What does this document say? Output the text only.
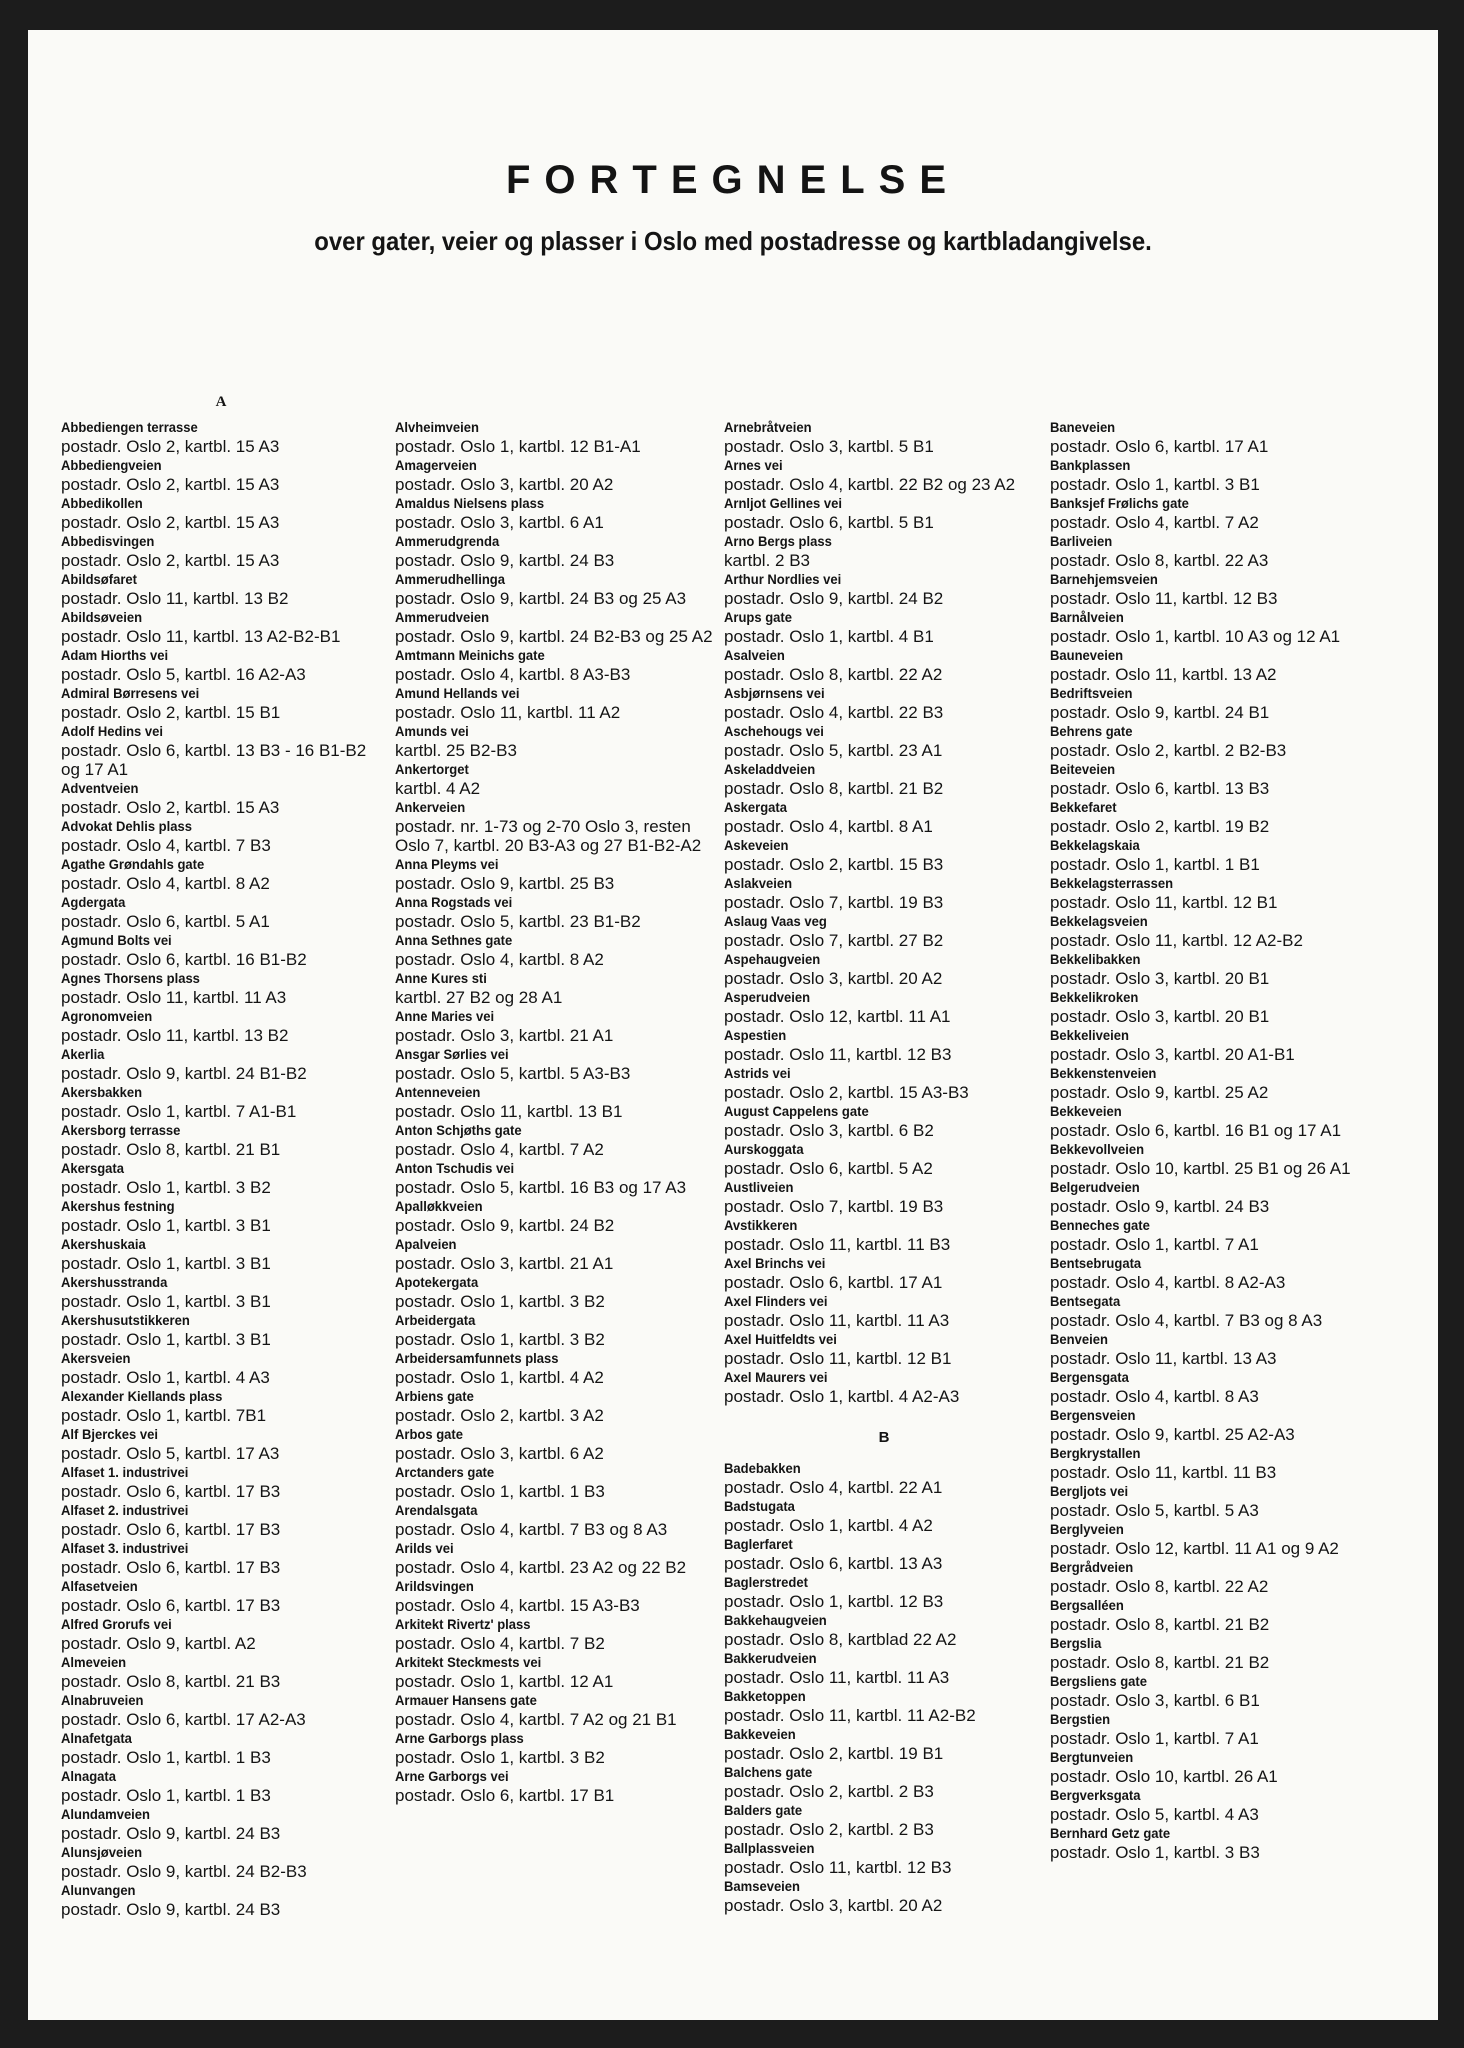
FORTEGNELSE
over gater, veier og plasser i Oslo med postadresse og kartbladangivelse.
A
Abbediengen terrasse
postadr. Oslo 2, kartbl. 15 A3
Abbediengveien
postadr. Oslo 2, kartbl. 15 A3
Abbedikollen
postadr. Oslo 2, kartbl. 15 A3
Abbedisvingen
postadr. Oslo 2, kartbl. 15 A3
Abildsøfaret
postadr. Oslo 11, kartbl. 13 B2
Abildsøveien
postadr. Oslo 11, kartbl. 13 A2-B2-B1
Adam Hiorths vei
postadr. Oslo 5, kartbl. 16 A2-A3
Admiral Børresens vei
postadr. Oslo 2, kartbl. 15 B1
Adolf Hedins vei
postadr. Oslo 6, kartbl. 13 B3 - 16 B1-B2 og 17 A1
Adventveien
postadr. Oslo 2, kartbl. 15 A3
Advokat Dehlis plass
postadr. Oslo 4, kartbl. 7 B3
Agathe Grøndahls gate
postadr. Oslo 4, kartbl. 8 A2
Agdergata
postadr. Oslo 6, kartbl. 5 A1
Agmund Bolts vei
postadr. Oslo 6, kartbl. 16 B1-B2
Agnes Thorsens plass
postadr. Oslo 11, kartbl. 11 A3
Agronomveien
postadr. Oslo 11, kartbl. 13 B2
Akerlia
postadr. Oslo 9, kartbl. 24 B1-B2
Akersbakken
postadr. Oslo 1, kartbl. 7 A1-B1
Akersborg terrasse
postadr. Oslo 8, kartbl. 21 B1
Akersgata
postadr. Oslo 1, kartbl. 3 B2
Akershus festning
postadr. Oslo 1, kartbl. 3 B1
Akershuskaia
postadr. Oslo 1, kartbl. 3 B1
Akershusstranda
postadr. Oslo 1, kartbl. 3 B1
Akershusutstikkeren
postadr. Oslo 1, kartbl. 3 B1
Akersveien
postadr. Oslo 1, kartbl. 4 A3
Alexander Kiellands plass
postadr. Oslo 1, kartbl. 7B1
Alf Bjerckes vei
postadr. Oslo 5, kartbl. 17 A3
Alfaset 1. industrivei
postadr. Oslo 6, kartbl. 17 B3
Alfaset 2. industrivei
postadr. Oslo 6, kartbl. 17 B3
Alfaset 3. industrivei
postadr. Oslo 6, kartbl. 17 B3
Alfasetveien
postadr. Oslo 6, kartbl. 17 B3
Alfred Grorufs vei
postadr. Oslo 9, kartbl. A2
Almeveien
postadr. Oslo 8, kartbl. 21 B3
Alnabruveien
postadr. Oslo 6, kartbl. 17 A2-A3
Alnafetgata
postadr. Oslo 1, kartbl. 1 B3
Alnagata
postadr. Oslo 1, kartbl. 1 B3
Alundamveien
postadr. Oslo 9, kartbl. 24 B3
Alunsjøveien
postadr. Oslo 9, kartbl. 24 B2-B3
Alunvangen
postadr. Oslo 9, kartbl. 24 B3
Alvheimveien
postadr. Oslo 1, kartbl. 12 B1-A1
Amagerveien
postadr. Oslo 3, kartbl. 20 A2
Amaldus Nielsens plass
postadr. Oslo 3, kartbl. 6 A1
Ammerudgrenda
postadr. Oslo 9, kartbl. 24 B3
Ammerudhellinga
postadr. Oslo 9, kartbl. 24 B3 og 25 A3
Ammerudveien
postadr. Oslo 9, kartbl. 24 B2-B3 og 25 A2
Amtmann Meinichs gate
postadr. Oslo 4, kartbl. 8 A3-B3
Amund Hellands vei
postadr. Oslo 11, kartbl. 11 A2
Amunds vei
kartbl. 25 B2-B3
Ankertorget
kartbl. 4 A2
Ankerveien
postadr. nr. 1-73 og 2-70 Oslo 3, resten Oslo 7, kartbl. 20 B3-A3 og 27 B1-B2-A2
Anna Pleyms vei
postadr. Oslo 9, kartbl. 25 B3
Anna Rogstads vei
postadr. Oslo 5, kartbl. 23 B1-B2
Anna Sethnes gate
postadr. Oslo 4, kartbl. 8 A2
Anne Kures sti
kartbl. 27 B2 og 28 A1
Anne Maries vei
postadr. Oslo 3, kartbl. 21 A1
Ansgar Sørlies vei
postadr. Oslo 5, kartbl. 5 A3-B3
Antenneveien
postadr. Oslo 11, kartbl. 13 B1
Anton Schjøths gate
postadr. Oslo 4, kartbl. 7 A2
Anton Tschudis vei
postadr. Oslo 5, kartbl. 16 B3 og 17 A3
Apalløkkveien
postadr. Oslo 9, kartbl. 24 B2
Apalveien
postadr. Oslo 3, kartbl. 21 A1
Apotekergata
postadr. Oslo 1, kartbl. 3 B2
Arbeidergata
postadr. Oslo 1, kartbl. 3 B2
Arbeidersamfunnets plass
postadr. Oslo 1, kartbl. 4 A2
Arbiens gate
postadr. Oslo 2, kartbl. 3 A2
Arbos gate
postadr. Oslo 3, kartbl. 6 A2
Arctanders gate
postadr. Oslo 1, kartbl. 1 B3
Arendalsgata
postadr. Oslo 4, kartbl. 7 B3 og 8 A3
Arilds vei
postadr. Oslo 4, kartbl. 23 A2 og 22 B2
Arildsvingen
postadr. Oslo 4, kartbl. 15 A3-B3
Arkitekt Rivertz' plass
postadr. Oslo 4, kartbl. 7 B2
Arkitekt Steckmests vei
postadr. Oslo 1, kartbl. 12 A1
Armauer Hansens gate
postadr. Oslo 4, kartbl. 7 A2 og 21 B1
Arne Garborgs plass
postadr. Oslo 1, kartbl. 3 B2
Arne Garborgs vei
postadr. Oslo 6, kartbl. 17 B1
Arnebråtveien
postadr. Oslo 3, kartbl. 5 B1
Arnes vei
postadr. Oslo 4, kartbl. 22 B2 og 23 A2
Arnljot Gellines vei
postadr. Oslo 6, kartbl. 5 B1
Arno Bergs plass
kartbl. 2 B3
Arthur Nordlies vei
postadr. Oslo 9, kartbl. 24 B2
Arups gate
postadr. Oslo 1, kartbl. 4 B1
Asalveien
postadr. Oslo 8, kartbl. 22 A2
Asbjørnsens vei
postadr. Oslo 4, kartbl. 22 B3
Aschehougs vei
postadr. Oslo 5, kartbl. 23 A1
Askeladdveien
postadr. Oslo 8, kartbl. 21 B2
Askergata
postadr. Oslo 4, kartbl. 8 A1
Askeveien
postadr. Oslo 2, kartbl. 15 B3
Aslakveien
postadr. Oslo 7, kartbl. 19 B3
Aslaug Vaas veg
postadr. Oslo 7, kartbl. 27 B2
Aspehaugveien
postadr. Oslo 3, kartbl. 20 A2
Asperudveien
postadr. Oslo 12, kartbl. 11 A1
Aspestien
postadr. Oslo 11, kartbl. 12 B3
Astrids vei
postadr. Oslo 2, kartbl. 15 A3-B3
August Cappelens gate
postadr. Oslo 3, kartbl. 6 B2
Aurskoggata
postadr. Oslo 6, kartbl. 5 A2
Austliveien
postadr. Oslo 7, kartbl. 19 B3
Avstikkeren
postadr. Oslo 11, kartbl. 11 B3
Axel Brinchs vei
postadr. Oslo 6, kartbl. 17 A1
Axel Flinders vei
postadr. Oslo 11, kartbl. 11 A3
Axel Huitfeldts vei
postadr. Oslo 11, kartbl. 12 B1
Axel Maurers vei
postadr. Oslo 1, kartbl. 4 A2-A3
B
Badebakken
postadr. Oslo 4, kartbl. 22 A1
Badstugata
postadr. Oslo 1, kartbl. 4 A2
Baglerfaret
postadr. Oslo 6, kartbl. 13 A3
Baglerstredet
postadr. Oslo 1, kartbl. 12 B3
Bakkehaugveien
postadr. Oslo 8, kartblad 22 A2
Bakkerudveien
postadr. Oslo 11, kartbl. 11 A3
Bakketoppen
postadr. Oslo 11, kartbl. 11 A2-B2
Bakkeveien
postadr. Oslo 2, kartbl. 19 B1
Balchens gate
postadr. Oslo 2, kartbl. 2 B3
Balders gate
postadr. Oslo 2, kartbl. 2 B3
Ballplassveien
postadr. Oslo 11, kartbl. 12 B3
Bamseveien
postadr. Oslo 3, kartbl. 20 A2
Baneveien
postadr. Oslo 6, kartbl. 17 A1
Bankplassen
postadr. Oslo 1, kartbl. 3 B1
Banksjef Frølichs gate
postadr. Oslo 4, kartbl. 7 A2
Barliveien
postadr. Oslo 8, kartbl. 22 A3
Barnehjemsveien
postadr. Oslo 11, kartbl. 12 B3
Barnålveien
postadr. Oslo 1, kartbl. 10 A3 og 12 A1
Bauneveien
postadr. Oslo 11, kartbl. 13 A2
Bedriftsveien
postadr. Oslo 9, kartbl. 24 B1
Behrens gate
postadr. Oslo 2, kartbl. 2 B2-B3
Beiteveien
postadr. Oslo 6, kartbl. 13 B3
Bekkefaret
postadr. Oslo 2, kartbl. 19 B2
Bekkelagskaia
postadr. Oslo 1, kartbl. 1 B1
Bekkelagsterrassen
postadr. Oslo 11, kartbl. 12 B1
Bekkelagsveien
postadr. Oslo 11, kartbl. 12 A2-B2
Bekkelibakken
postadr. Oslo 3, kartbl. 20 B1
Bekkelikroken
postadr. Oslo 3, kartbl. 20 B1
Bekkeliveien
postadr. Oslo 3, kartbl. 20 A1-B1
Bekkenstenveien
postadr. Oslo 9, kartbl. 25 A2
Bekkeveien
postadr. Oslo 6, kartbl. 16 B1 og 17 A1
Bekkevollveien
postadr. Oslo 10, kartbl. 25 B1 og 26 A1
Belgerudveien
postadr. Oslo 9, kartbl. 24 B3
Benneches gate
postadr. Oslo 1, kartbl. 7 A1
Bentsebrugata
postadr. Oslo 4, kartbl. 8 A2-A3
Bentsegata
postadr. Oslo 4, kartbl. 7 B3 og 8 A3
Benveien
postadr. Oslo 11, kartbl. 13 A3
Bergensgata
postadr. Oslo 4, kartbl. 8 A3
Bergensveien
postadr. Oslo 9, kartbl. 25 A2-A3
Bergkrystallen
postadr. Oslo 11, kartbl. 11 B3
Bergljots vei
postadr. Oslo 5, kartbl. 5 A3
Berglyveien
postadr. Oslo 12, kartbl. 11 A1 og 9 A2
Bergrådveien
postadr. Oslo 8, kartbl. 22 A2
Bergsalléen
postadr. Oslo 8, kartbl. 21 B2
Bergslia
postadr. Oslo 8, kartbl. 21 B2
Bergsliens gate
postadr. Oslo 3, kartbl. 6 B1
Bergstien
postadr. Oslo 1, kartbl. 7 A1
Bergtunveien
postadr. Oslo 10, kartbl. 26 A1
Bergverksgata
postadr. Oslo 5, kartbl. 4 A3
Bernhard Getz gate
postadr. Oslo 1, kartbl. 3 B3
